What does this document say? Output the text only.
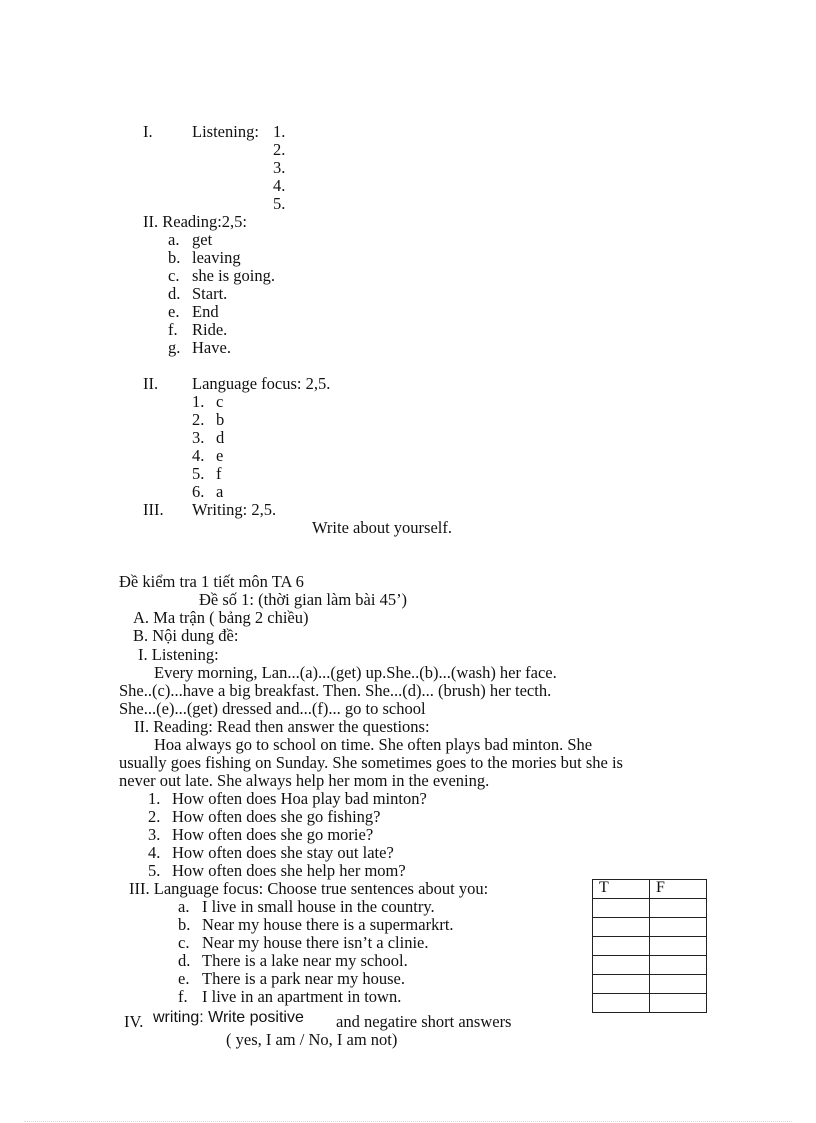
I. Listening: 1.
2.
3.
4.
5.
II. Reading:2,5:
a. get
b. leaving
c. she is going.
d. Start.
e. End
f. Ride.
g. Have.
II. Language focus: 2,5.
1. c
2. b
3. d
4. e
5. f
6. a
III. Writing: 2,5.
Write about yourself.
Đề kiểm tra 1 tiết môn TA 6
Đề số 1: (thời gian làm bài 45’)
A. Ma trận ( bảng 2 chiều)
B. Nội dung đề:
I. Listening:
Every morning, Lan...(a)...(get) up.She..(b)...(wash) her face.
She..(c)...have a big breakfast. Then. She...(d)... (brush) her tecth.
She...(e)...(get) dressed and...(f)... go to school
II. Reading: Read then answer the questions:
Hoa always go to school on time. She often plays bad minton. She
usually goes fishing on Sunday. She sometimes goes to the mories but she is
never out late. She always help her mom in the evening.
1. How often does Hoa play bad minton?
2. How often does she go fishing?
3. How often does she go morie?
4. How often does she stay out late?
5. How often does she help her mom?
III. Language focus: Choose true sentences about you:
a. I live in small house in the country.
b. Near my house there is a supermarkrt.
c. Near my house there isn’t a clinie.
d. There is a lake near my school.
e. There is a park near my house.
f. I live in an apartment in town.
T	F

IV. writing: Write positive and negatire short answers
( yes, I am / No, I am not)
